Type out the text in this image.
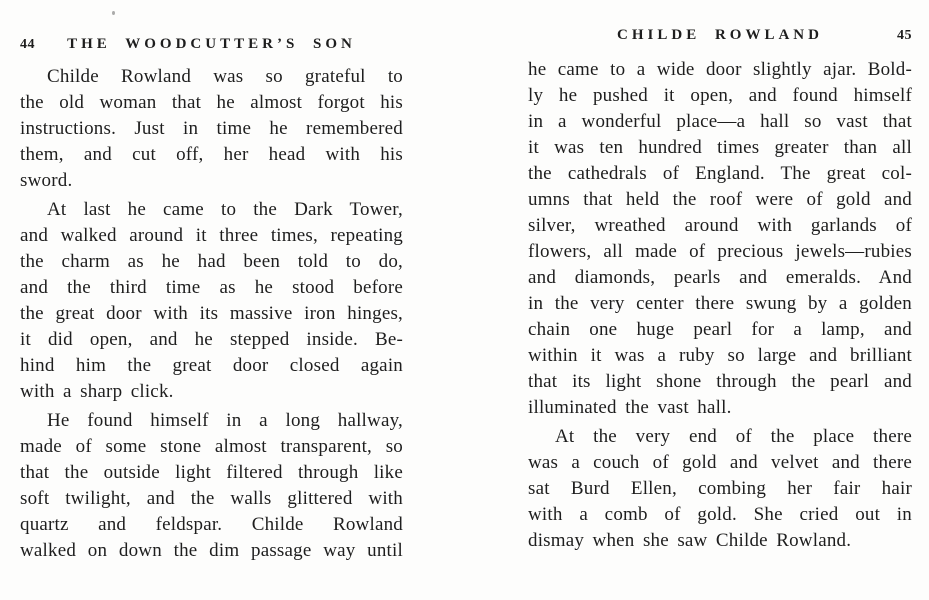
44	THE WOODCUTTER’S SON
Childe Rowland was so grateful to
the old woman that he almost forgot his
instructions. Just in time he remembered
them, and cut off, her head with his
sword.
At last he came to the Dark Tower,
and walked around it three times, repeating
the charm as he had been told to do,
and the third time as he stood before
the great door with its massive iron hinges,
it did open, and he stepped inside. Be-
hind him the great door closed again
with a sharp click.
He found himself in a long hallway,
made of some stone almost transparent, so
that the outside light filtered through like
soft twilight, and the walls glittered with
quartz and feldspar. Childe Rowland
walked on down the dim passage way until
CHILDE ROWLAND	45
he came to a wide door slightly ajar. Bold-
ly he pushed it open, and found himself
in a wonderful place—a hall so vast that
it was ten hundred times greater than all
the cathedrals of England. The great col-
umns that held the roof were of gold and
silver, wreathed around with garlands of
flowers, all made of precious jewels—rubies
and diamonds, pearls and emeralds. And
in the very center there swung by a golden
chain one huge pearl for a lamp, and
within it was a ruby so large and brilliant
that its light shone through the pearl and
illuminated the vast hall.
At the very end of the place there
was a couch of gold and velvet and there
sat Burd Ellen, combing her fair hair
with a comb of gold. She cried out in
dismay when she saw Childe Rowland.
